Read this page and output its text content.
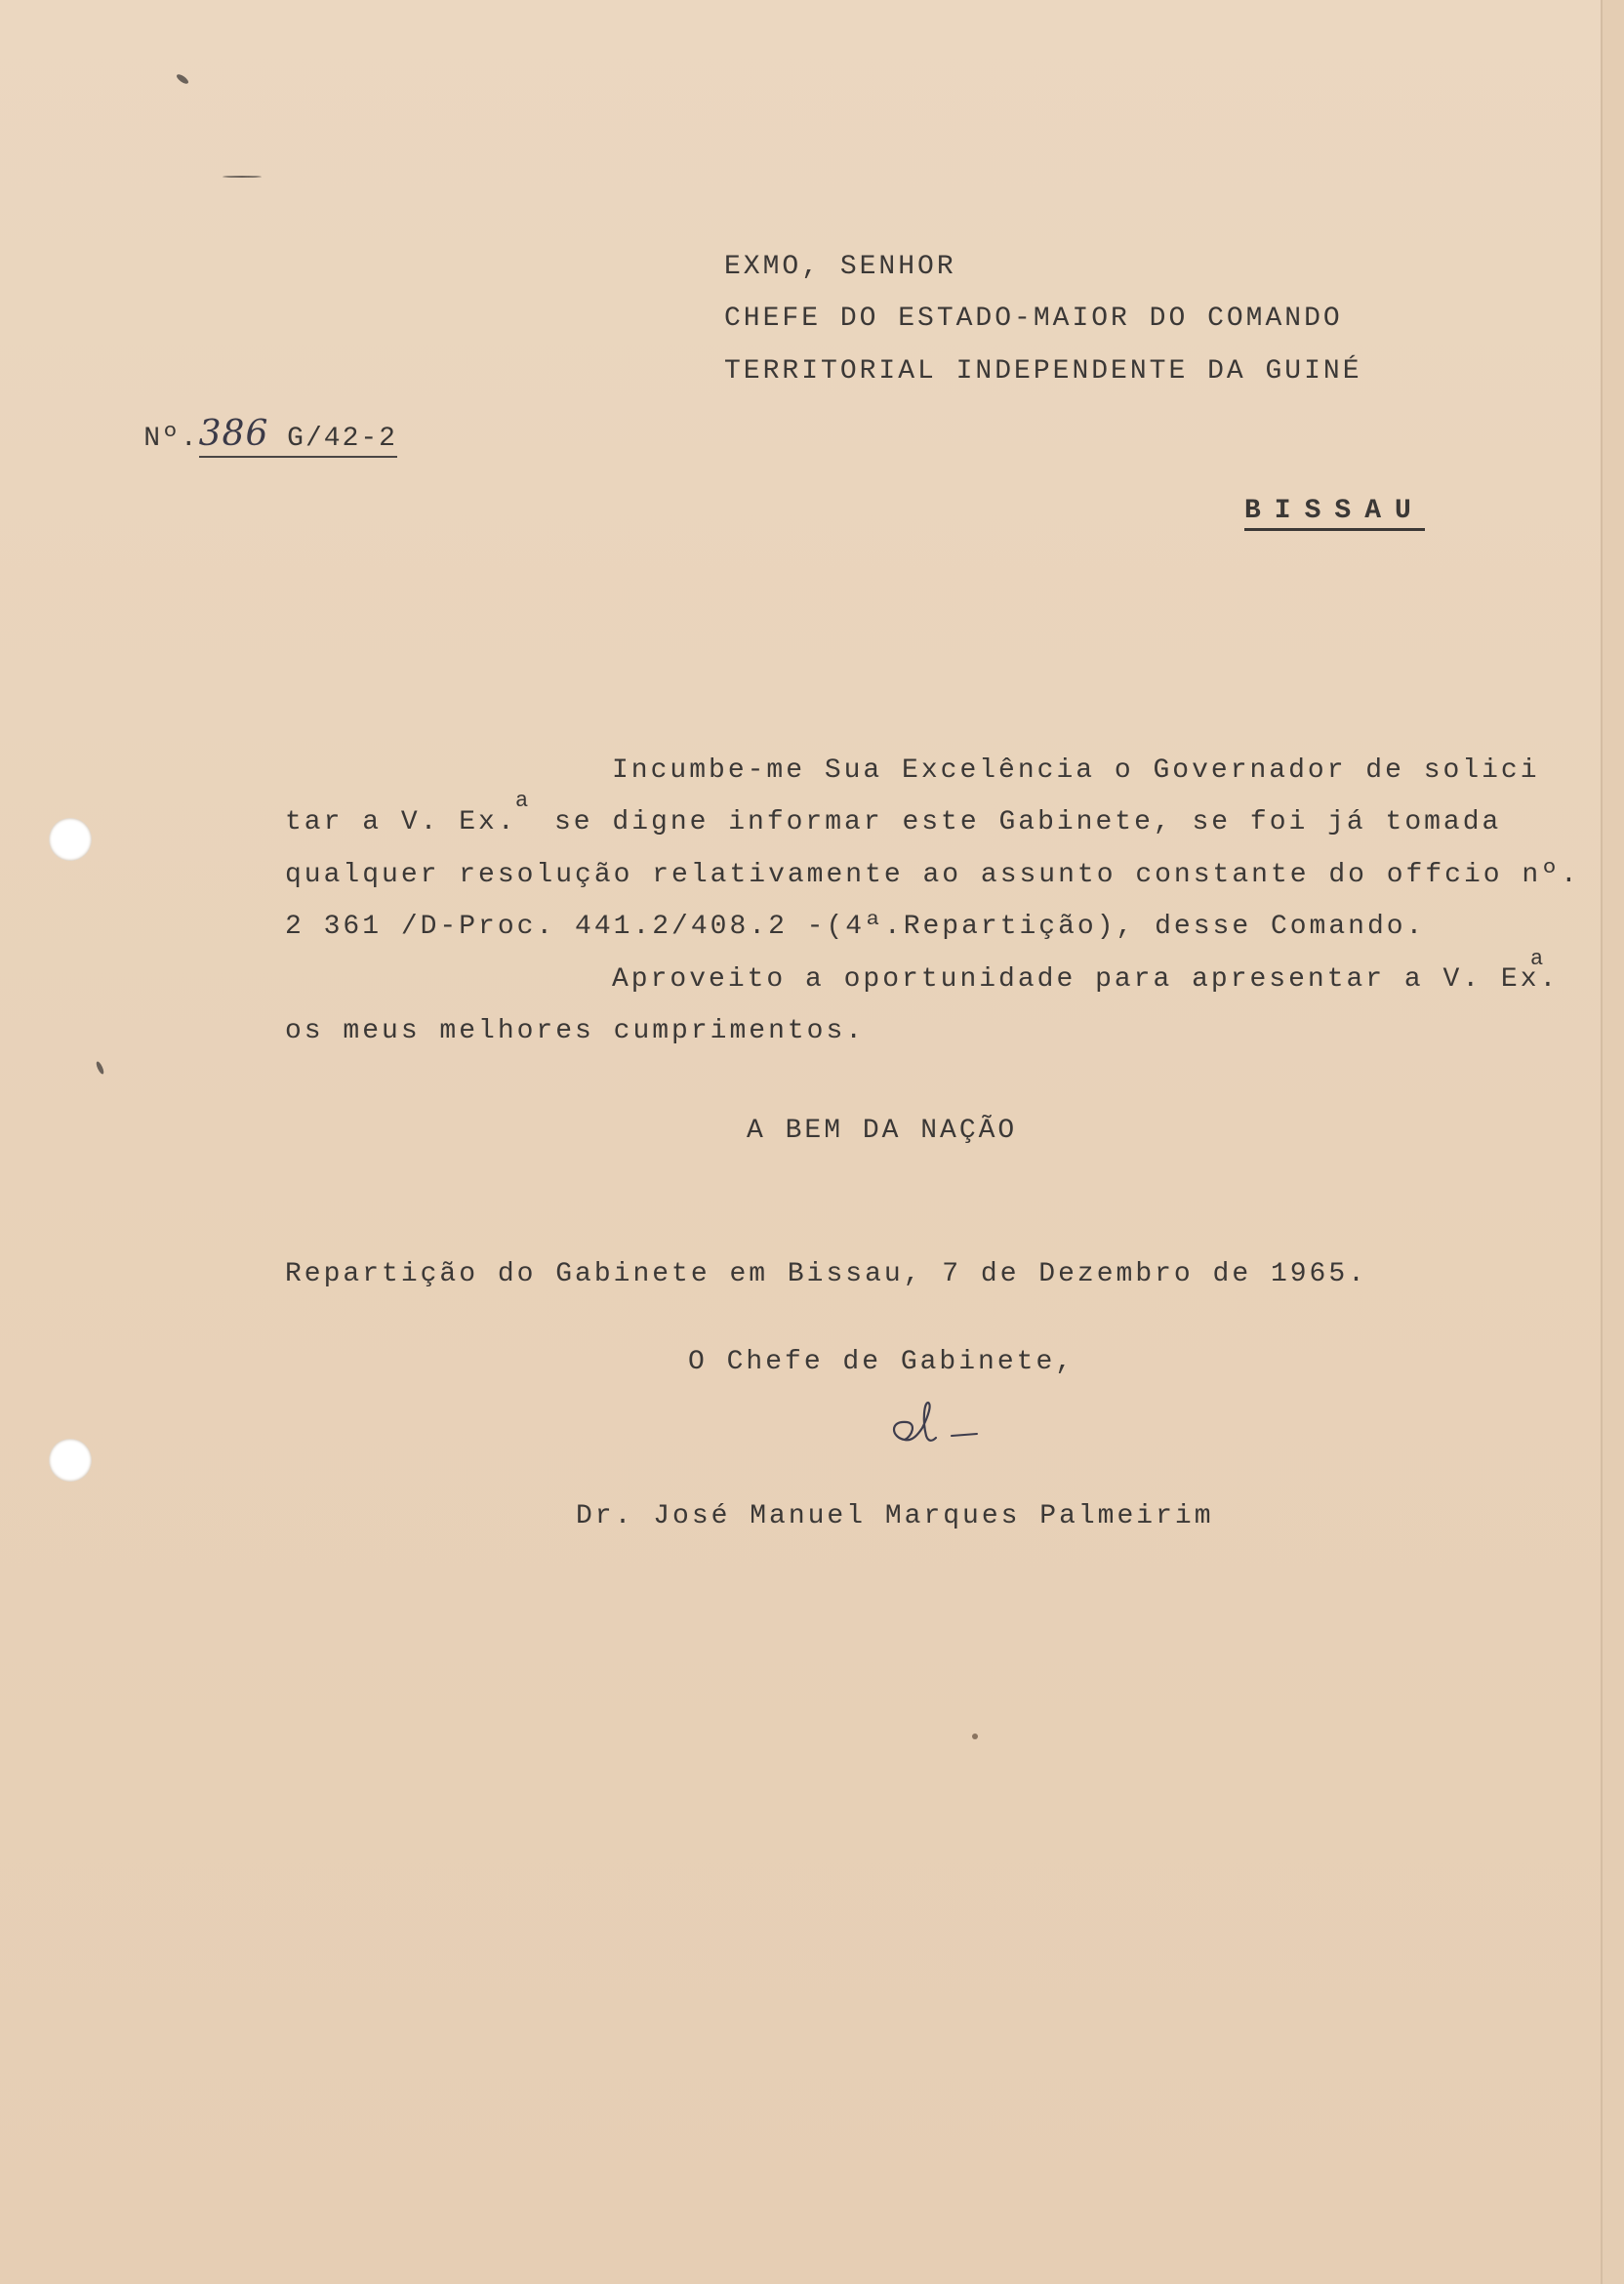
EXMO, SENHOR
CHEFE DO ESTADO-MAIOR DO COMANDO
TERRITORIAL INDEPENDENTE DA GUINÉ

Nº.386 G/42-2

BISSAU
Incumbe-me Sua Excelência o Governador de solici
tar a V. Ex.
a
se digne informar este Gabinete, se foi já tomada
qualquer resolução relativamente ao assunto constante do offcio nº.
2 361 /D-Proc. 441.2/408.2 -(4ª.Repartição), desse Comando.
Aproveito a oportunidade para apresentar a V. Ex.
a
os meus melhores cumprimentos.
A BEM DA NAÇÃO
Repartição do Gabinete em Bissau, 7 de Dezembro de 1965.
O Chefe de Gabinete,
Dr. José Manuel Marques Palmeirim
